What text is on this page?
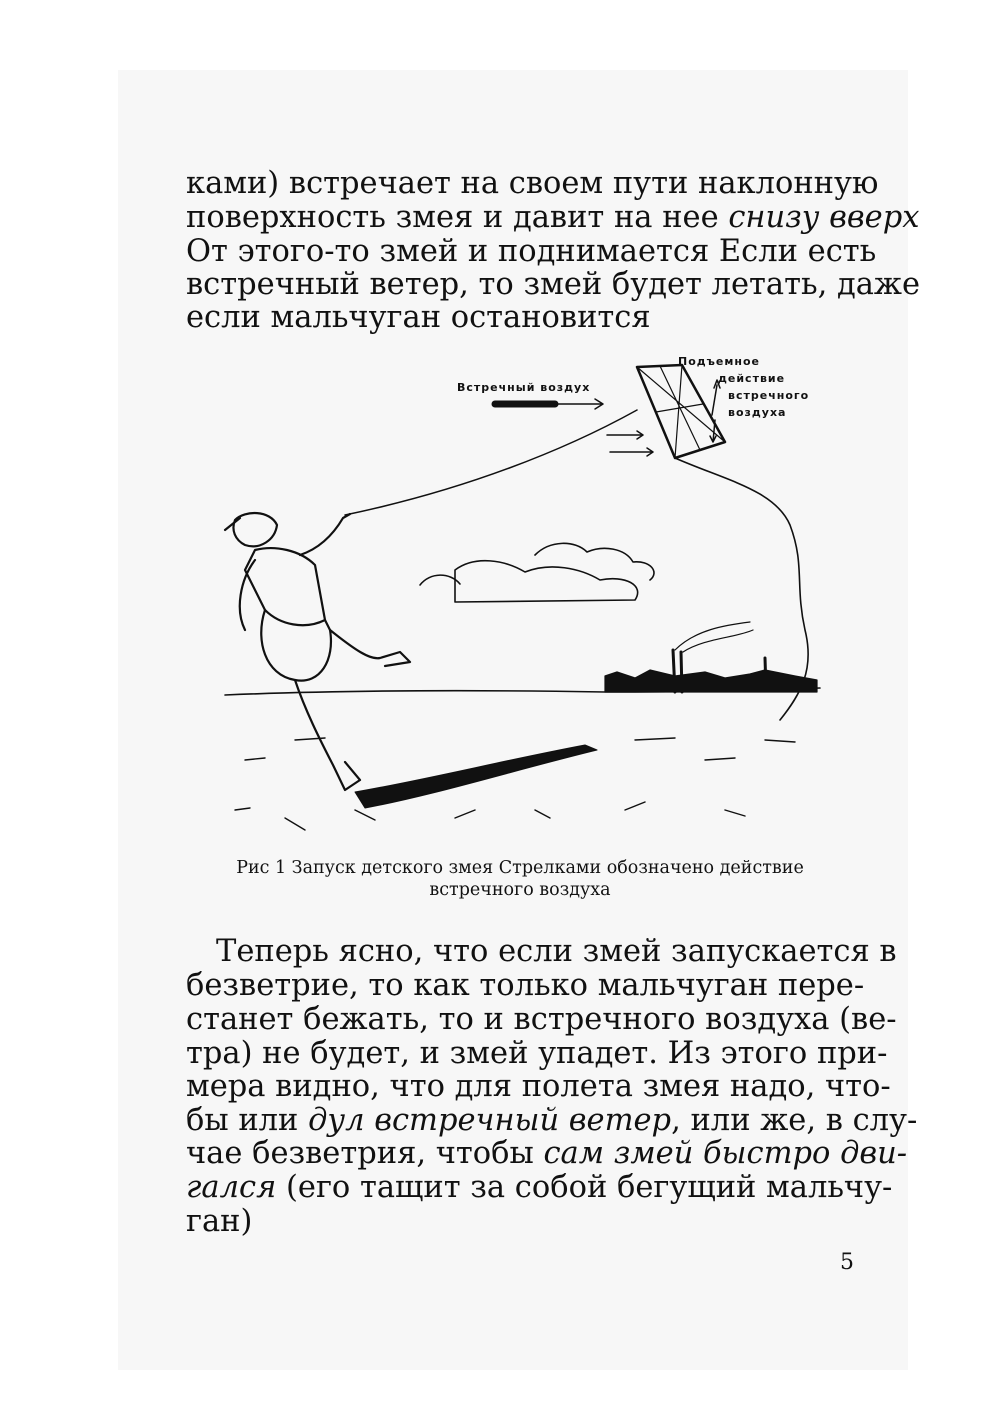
ками) встречает на своем пути наклонную
поверхность змея и давит на нее снизу вверх
От этого-то змей и поднимается Если есть
встречный ветер, то змей будет летать, даже
если мальчуган остановится
Встречный воздух
Подъемное
действие
встречного
воздуха
Рис 1 Запуск детского змея Стрелками обозначено действие
встречного воздуха
Теперь ясно, что если змей запускается в
безветрие, то как только мальчуган пере-
станет бежать, то и встречного воздуха (ве-
тра) не будет, и змей упадет. Из этого при-
мера видно, что для полета змея надо, что-
бы или дул встречный ветер, или же, в слу-
чае безветрия, чтобы сам змей быстро дви-
гался (его тащит за собой бегущий мальчу-
ган)
5
